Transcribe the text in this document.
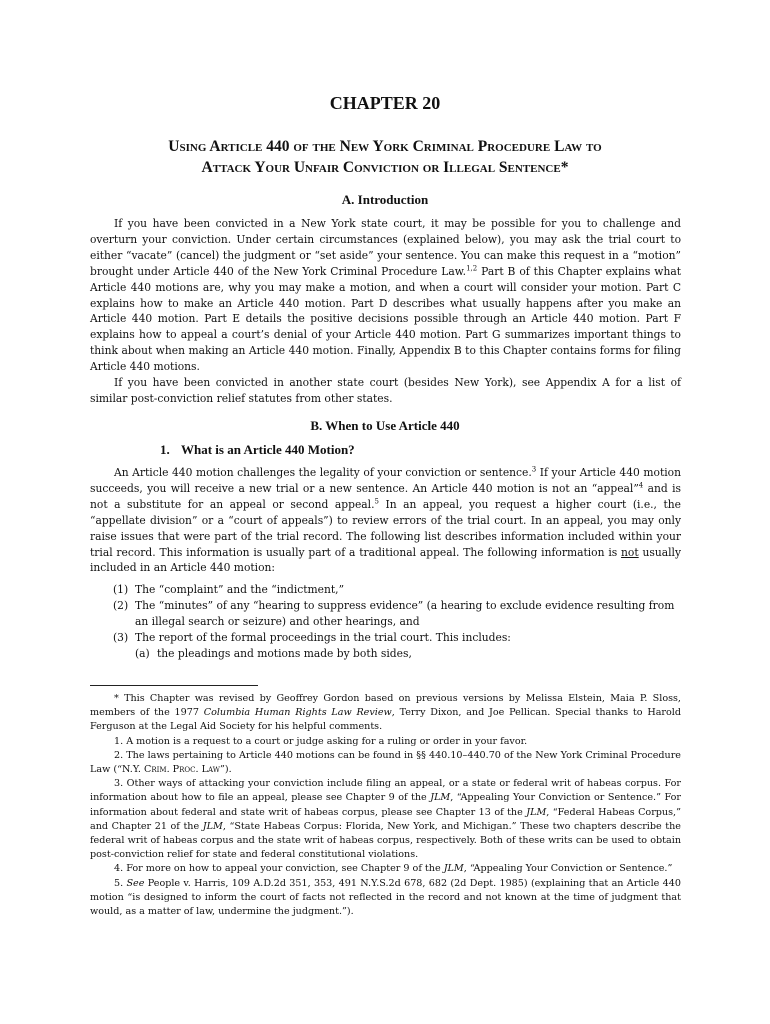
CHAPTER 20
Using Article 440 of the New York Criminal Procedure Law to
Attack Your Unfair Conviction or Illegal Sentence*
A. Introduction

If you have been convicted in a New York state court, it may be possible for you to challenge and overturn your conviction. Under certain circumstances (explained below), you may ask the trial court to either “vacate” (cancel) the judgment or “set aside” your sentence. You can make this request in a “motion” brought under Article 440 of the New York Criminal Procedure Law.$^{1,2}$ Part B of this Chapter explains what Article 440 motions are, why you may make a motion, and when a court will consider your motion. Part C explains how to make an Article 440 motion. Part D describes what usually happens after you make an Article 440 motion. Part E details the positive decisions possible through an Article 440 motion. Part F explains how to appeal a court’s denial of your Article 440 motion. Part G summarizes important things to think about when making an Article 440 motion. Finally, Appendix B to this Chapter contains forms for filing Article 440 motions.

If you have been convicted in another state court (besides New York), see Appendix A for a list of similar post-conviction relief statutes from other states.

B. When to Use Article 440
1. What is an Article 440 Motion?

An Article 440 motion challenges the legality of your conviction or sentence.$^3$ If your Article 440 motion succeeds, you will receive a new trial or a new sentence. An Article 440 motion is not an “appeal”$^4$ and is not a substitute for an appeal or second appeal.$^5$ In an appeal, you request a higher court (i.e., the “appellate division” or a “court of appeals”) to review errors of the trial court. In an appeal, you may only raise issues that were part of the trial record. The following list describes information included within your trial record. This information is usually part of a traditional appeal. The following information is not usually included in an Article 440 motion:

(1) The “complaint” and the “indictment,”
(2) The “minutes” of any “hearing to suppress evidence” (a hearing to exclude evidence resulting from an illegal search or seizure) and other hearings, and
(3) The report of the formal proceedings in the trial court. This includes:
(a) the pleadings and motions made by both sides,

* This Chapter was revised by Geoffrey Gordon based on previous versions by Melissa Elstein, Maia P. Sloss, members of the 1977 Columbia Human Rights Law Review, Terry Dixon, and Joe Pellican. Special thanks to Harold Ferguson at the Legal Aid Society for his helpful comments.

1. A motion is a request to a court or judge asking for a ruling or order in your favor.

2. The laws pertaining to Article 440 motions can be found in §§ 440.10–440.70 of the New York Criminal Procedure Law (“N.Y. Crim. Proc. Law”).

3. Other ways of attacking your conviction include filing an appeal, or a state or federal writ of habeas corpus. For information about how to file an appeal, please see Chapter 9 of the JLM, “Appealing Your Conviction or Sentence.” For information about federal and state writ of habeas corpus, please see Chapter 13 of the JLM, “Federal Habeas Corpus,” and Chapter 21 of the JLM, “State Habeas Corpus: Florida, New York, and Michigan.” These two chapters describe the federal writ of habeas corpus and the state writ of habeas corpus, respectively. Both of these writs can be used to obtain post-conviction relief for state and federal constitutional violations.

4. For more on how to appeal your conviction, see Chapter 9 of the JLM, “Appealing Your Conviction or Sentence.”

5. See People v. Harris, 109 A.D.2d 351, 353, 491 N.Y.S.2d 678, 682 (2d Dept. 1985) (explaining that an Article 440 motion “is designed to inform the court of facts not reflected in the record and not known at the time of judgment that would, as a matter of law, undermine the judgment.”).
